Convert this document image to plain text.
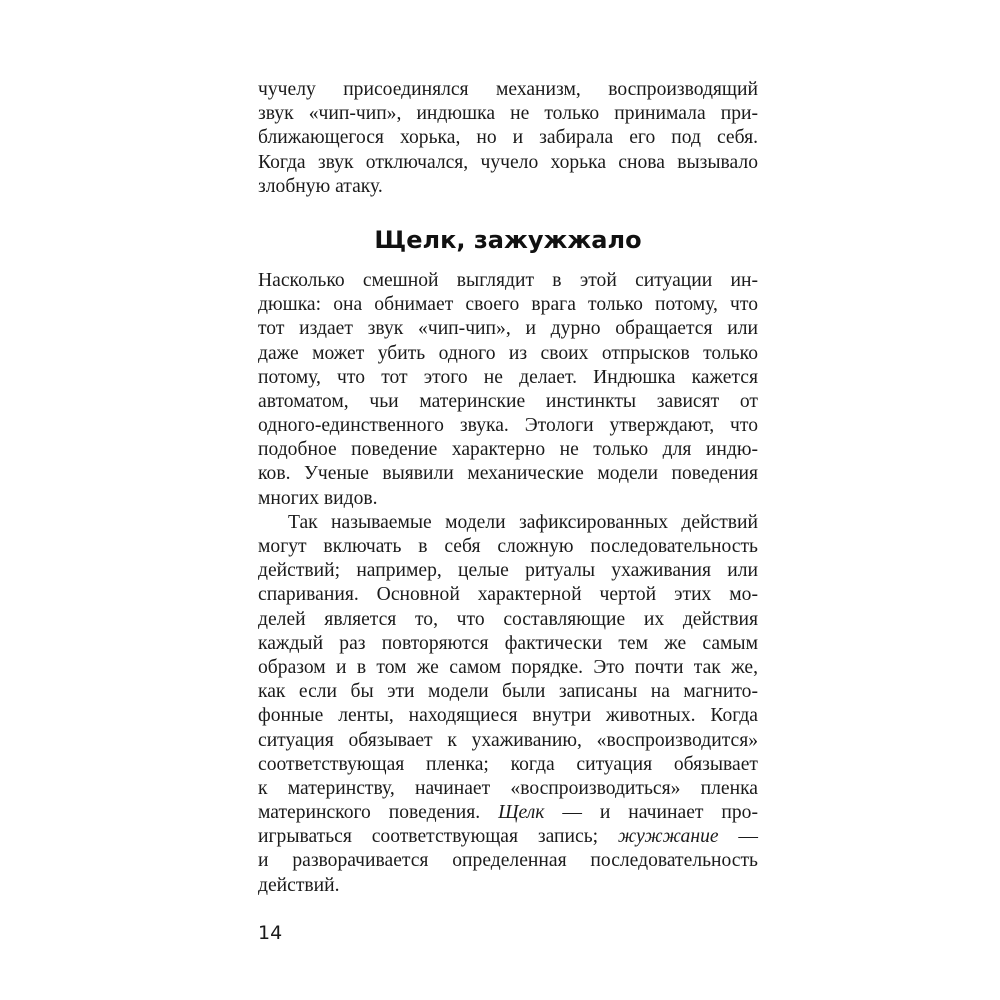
чучелу присоединялся механизм, воспроизводящий
звук «чип-чип», индюшка не только принимала при-
ближающегося хорька, но и забирала его под себя.
Когда звук отключался, чучело хорька снова вызывало
злобную атаку.
Щелк, зажужжало
Насколько смешной выглядит в этой ситуации ин-
дюшка: она обнимает своего врага только потому, что
тот издает звук «чип-чип», и дурно обращается или
даже может убить одного из своих отпрысков только
потому, что тот этого не делает. Индюшка кажется
автоматом, чьи материнские инстинкты зависят от
одного-единственного звука. Этологи утверждают, что
подобное поведение характерно не только для индю-
ков. Ученые выявили механические модели поведения
многих видов.
Так называемые модели зафиксированных действий
могут включать в себя сложную последовательность
действий; например, целые ритуалы ухаживания или
спаривания. Основной характерной чертой этих мо-
делей является то, что составляющие их действия
каждый раз повторяются фактически тем же самым
образом и в том же самом порядке. Это почти так же,
как если бы эти модели были записаны на магнито-
фонные ленты, находящиеся внутри животных. Когда
ситуация обязывает к ухаживанию, «воспроизводится»
соответствующая пленка; когда ситуация обязывает
к материнству, начинает «воспроизводиться» пленка
материнского поведения. Щелк — и начинает про-
игрываться соответствующая запись; жужжание —
и разворачивается определенная последовательность
действий.
14
